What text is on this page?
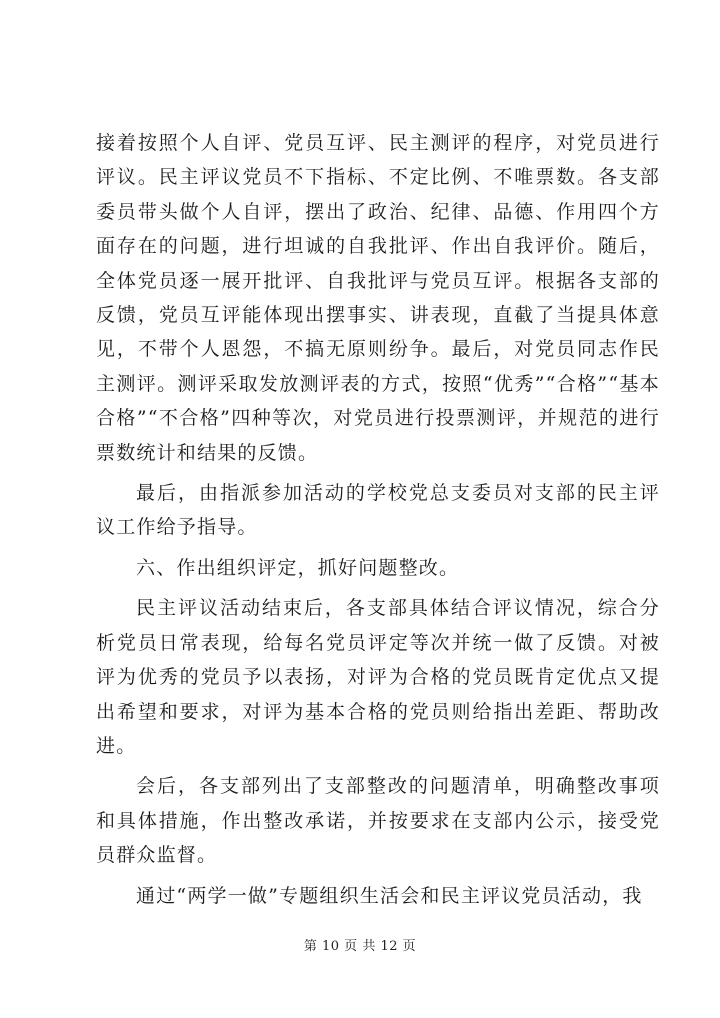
接着按照个人自评、党员互评、民主测评的程序，对党员进行评议。民主评议党员不下指标、不定比例、不唯票数。各支部委员带头做个人自评，摆出了政治、纪律、品德、作用四个方面存在的问题，进行坦诚的自我批评、作出自我评价。随后，全体党员逐一展开批评、自我批评与党员互评。根据各支部的反馈，党员互评能体现出摆事实、讲表现，直截了当提具体意见，不带个人恩怨，不搞无原则纷争。最后，对党员同志作民主测评。测评采取发放测评表的方式，按照“优秀”“合格”“基本合格”“不合格”四种等次，对党员进行投票测评，并规范的进行票数统计和结果的反馈。

最后，由指派参加活动的学校党总支委员对支部的民主评议工作给予指导。

六、作出组织评定，抓好问题整改。

民主评议活动结束后，各支部具体结合评议情况，综合分析党员日常表现，给每名党员评定等次并统一做了反馈。对被评为优秀的党员予以表扬，对评为合格的党员既肯定优点又提出希望和要求，对评为基本合格的党员则给指出差距、帮助改进。

会后，各支部列出了支部整改的问题清单，明确整改事项和具体措施，作出整改承诺，并按要求在支部内公示，接受党员群众监督。

通过“两学一做”专题组织生活会和民主评议党员活动，我

第 10 页 共 12 页
